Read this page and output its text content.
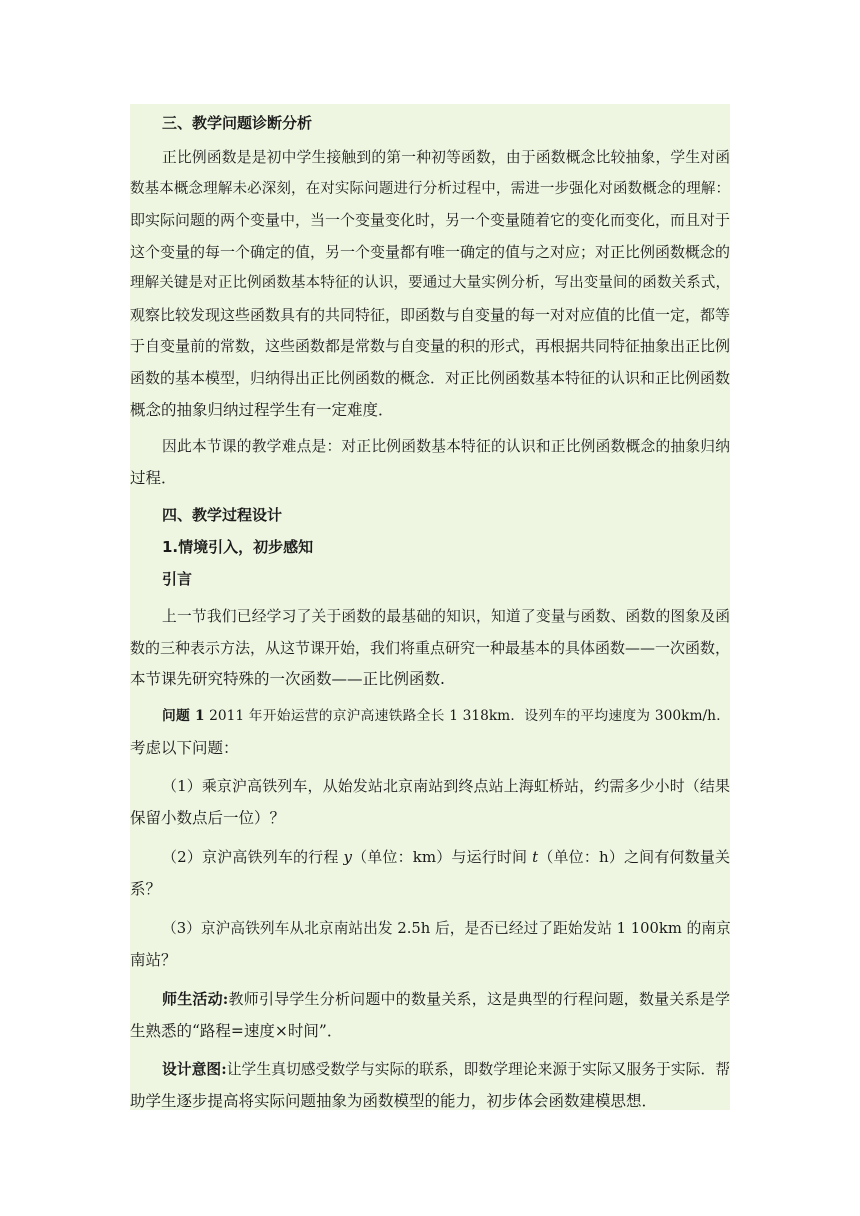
三、教学问题诊断分析

正比例函数是是初中学生接触到的第一种初等函数，由于函数概念比较抽象，学生对函

数基本概念理解未必深刻，在对实际问题进行分析过程中，需进一步强化对函数概念的理解：

即实际问题的两个变量中，当一个变量变化时，另一个变量随着它的变化而变化，而且对于

这个变量的每一个确定的值，另一个变量都有唯一确定的值与之对应；对正比例函数概念的

理解关键是对正比例函数基本特征的认识，要通过大量实例分析，写出变量间的函数关系式，

观察比较发现这些函数具有的共同特征，即函数与自变量的每一对对应值的比值一定，都等

于自变量前的常数，这些函数都是常数与自变量的积的形式，再根据共同特征抽象出正比例

函数的基本模型，归纳得出正比例函数的概念．对正比例函数基本特征的认识和正比例函数

概念的抽象归纳过程学生有一定难度．

因此本节课的教学难点是：对正比例函数基本特征的认识和正比例函数概念的抽象归纳

过程．

四、教学过程设计

1.情境引入，初步感知

引言

上一节我们已经学习了关于函数的最基础的知识，知道了变量与函数、函数的图象及函

数的三种表示方法，从这节课开始，我们将重点研究一种最基本的具体函数——一次函数，

本节课先研究特殊的一次函数——正比例函数.

问题 1 2011 年开始运营的京沪高速铁路全长 1 318km．设列车的平均速度为 300km/h．

考虑以下问题：

（1）乘京沪高铁列车，从始发站北京南站到终点站上海虹桥站，约需多少小时（结果

保留小数点后一位）？

（2）京沪高铁列车的行程 y（单位：km）与运行时间 t（单位：h）之间有何数量关

系？

（3）京沪高铁列车从北京南站出发 2.5h 后，是否已经过了距始发站 1 100km 的南京

南站？

师生活动:教师引导学生分析问题中的数量关系，这是典型的行程问题，数量关系是学

生熟悉的“路程=速度×时间”．

设计意图:让学生真切感受数学与实际的联系，即数学理论来源于实际又服务于实际．帮

助学生逐步提高将实际问题抽象为函数模型的能力，初步体会函数建模思想．
